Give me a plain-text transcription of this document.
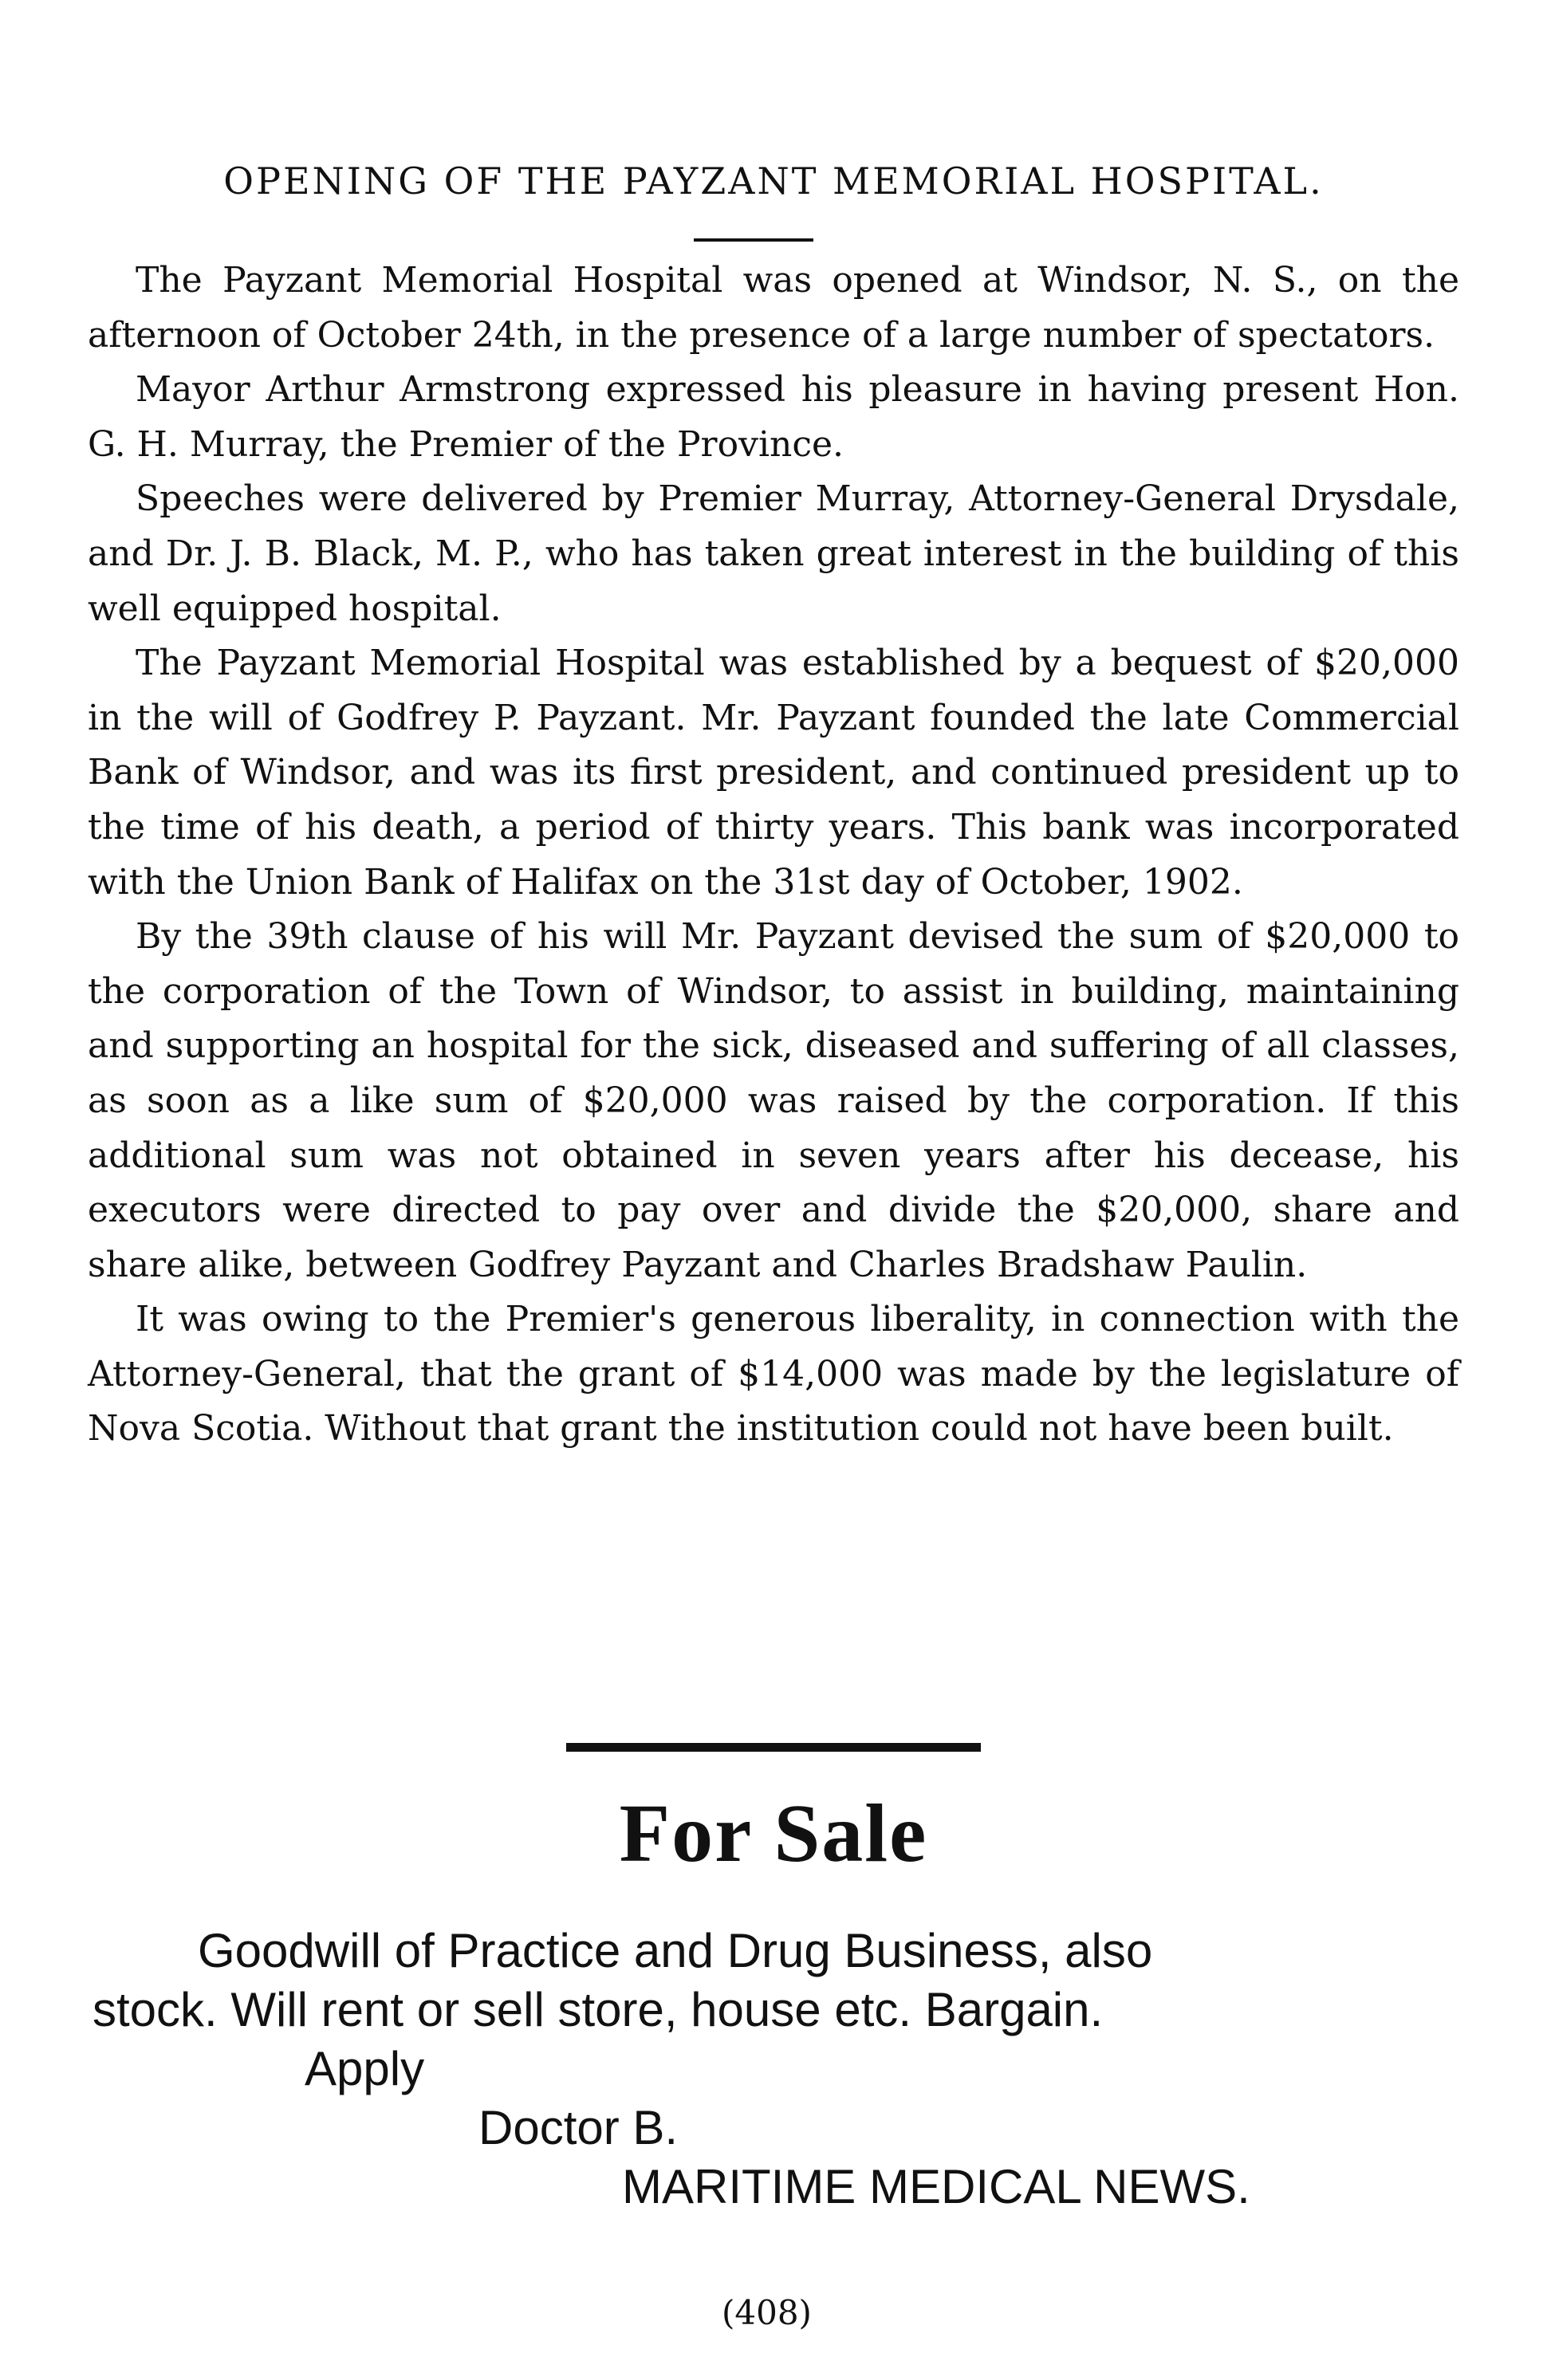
OPENING OF THE PAYZANT MEMORIAL HOSPITAL.

The Payzant Memorial Hospital was opened at Windsor, N. S., on the afternoon of October 24th, in the presence of a large number of spectators.

Mayor Arthur Armstrong expressed his pleasure in having present Hon. G. H. Murray, the Premier of the Province.

Speeches were delivered by Premier Murray, Attorney-General Drysdale, and Dr. J. B. Black, M. P., who has taken great interest in the building of this well equipped hospital.

The Payzant Memorial Hospital was established by a bequest of $20,000 in the will of Godfrey P. Payzant. Mr. Payzant founded the late Commercial Bank of Windsor, and was its first president, and continued president up to the time of his death, a period of thirty years. This bank was incorporated with the Union Bank of Halifax on the 31st day of October, 1902.

By the 39th clause of his will Mr. Payzant devised the sum of $20,000 to the corporation of the Town of Windsor, to assist in building, maintaining and supporting an hospital for the sick, diseased and suffering of all classes, as soon as a like sum of $20,000 was raised by the corporation. If this additional sum was not obtained in seven years after his decease, his executors were directed to pay over and divide the $20,000, share and share alike, between Godfrey Payzant and Charles Bradshaw Paulin.

It was owing to the Premier's generous liberality, in connection with the Attorney-General, that the grant of $14,000 was made by the legislature of Nova Scotia. Without that grant the institution could not have been built.

For Sale
Goodwill of Practice and Drug Business, also
stock. Will rent or sell store, house etc. Bargain.
Apply
Doctor B.
MARITIME MEDICAL NEWS.
(408)
